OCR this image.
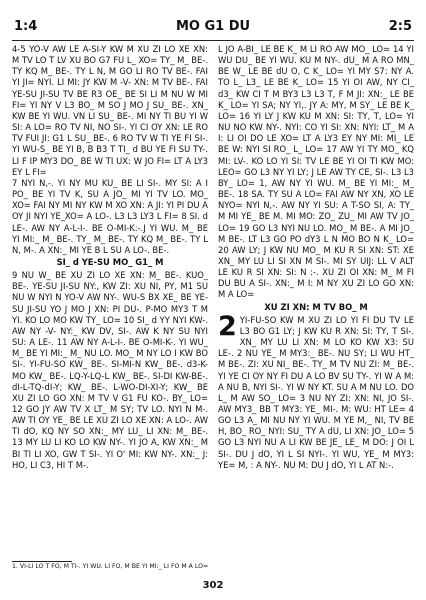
1:4	MO G1 DU	2:5

4-5 YO-V AW LE A-SI-Y KW M XU ZI LO XE XN: M TV LO T LV XU BO G7 FU L_ XO= TY_ M_ BE-. TY KQ M_ BE-. TY L N, M GO LI RO TV BE-. FAI YI JI= NYI. LI MI: JY KW M -V- XN: M TV BE-. FAI YE-SU JI-SU TV BE R3 OE_ BE SI LI M NU W MI FI= YI NY V L3 BO_ M SO J MO J SU_ BE-. XN_ KW BE YI WU. VN LI SU_ BE-. MI NY TI BU YI W SI: A LO= RO TV NI, NO SI-. YI CI OY XN: LE RO TV FUI JI: G1 L SU_ BE-. 6 RO TV W TI YE FI SI-. YI WU-S_ BE YI B, B B3 T TI_ d BU YE FI SU TY-. LI F IP MY3 DO_ BE W TI UX: W JO FI= LT A LY3 EY L FI=

7 NYI N,-. YI NY MU KU_ BE LI SI-. MY SI: A I PO_ BE YI TV K, SU A JO_ MI YI TV LO. MO_ XO= FAI NY MI NY KW M XO XN: A JI: YI PI DU A OY JI NYI YE_XO= A LO-. L3 L3 LY3 L FI= 8 SI. d LE-. AW NY A-L-I-. BE O-MI-K:-.J YI WU. M_ BE YI MI:_ M_ BE-. TY_ M_ BE-. TY KQ M_ BE-. TY L N, M-. A XN:_ MI YE B L SU A LO-. BE-.

SI_ d YE-SU MO_ G1_ M

9 NU W_ BE XU ZI LO XE XN: M_ BE-. KUO_ BE-. YE-SU JI-SU NY:, KW ZI: XU NI, PY, M1 SU NU W NYI N YO-V AW NY-. WU-S BX XE_ BE YE-SU JI-SU YO J MO J XN: PI DU-. P-MO MY3 T M YI. KO LO MO KW TY_ LO= 10 SI_ d YY NYI KW-. AW NY -V- NY:_ KW DV, SI-. AW K NY SU NYI SU: A LE-. 11 AW NY A-L-I-. BE O-MI-K-. YI WU_ M_ BE YI MI:_ M_ NU LO. MO_ M NY LO I KW BO SI-. YI-FU-SO KW_ BE-. SI-MI-N KW_ BE-. d3-K-MO KW_ BE-. LQ-Y-LQ-L KW_ BE-. SI-DI KW-BE-. dI-L-TQ-dI-Y; KW_ BE-. L-WO-DI-XI-Y; KW_ BE XU ZI LO GO XN: M TV V G1 FU KO-. BY_ LO= 12 GO JY AW TV X LT_ M SY; TV LO. NYI N M-. AW TI OY YE_ BE LE XU ZI LO XE XN: A LO-. AW TI dO, KQ NY SO XN:_ MY LU_ LI XN: M_ BE-. 13 MY LU LI KO LO KW NY-. YI JO A, KW XN:_ M BI TI LI XO, GW T SI-. YI O' MI: KW NY-. XN:_ J: HO, LI C3, HI T M-.

L JO A-BI_ LE BE K_ M LI RO AW MO_ LO= 14 YI WU DU_ BE YI WU. KU M NY-. dU_ M A RO MN_ BE W_ LE BE dU O, C K_ LO= YI MY S7: NY A. TO L_ L3_ LE BE K_ LO= 15 YI OI AW, NY CI_ d3_ KW CI T M BY3 L3 L3 T, F M JI: XN:_ LE BE K_ LO= YI SA; NY YI,. JY A: MY, M SY_ LE BE K_ LO= 16 YI LY J KW KU M XN: SI: TY, T, LO= YI NU NO KW NY-. NYI: CO YI SI: XN: NYI: LT_ M A I: LI OI DO LE XO= LT A LY3 EY NY MI: MI_ LE BE W: NYI SI RO_ L_ LO= 17 AW YI TY MO_ KQ MI: LV-. KO LO YI SI: TV LE BE YI OI TI KW MO: LEO= GO L3 NY YI LY; J LE AW TY CE, SI-. L3 L3 BY_ LO= 1, AW NY YI WU. M_ BE YI MI:_ M_ BE-. 18 SA. TY SU A LO= FAI AW NY XN, XO LE NYO= NYI N,-. AW NY YI SU: A T-SO SI, A: TY_ M MI YE_ BE M. MI MO: ZO_ ZU_ MI AW TV JO_ LO= 19 GO L3 NYI NU LO. MO_ M BE-. A MI JO_ M BE-. LT L3 GO PO dY3 L N MO BO N K_ LO= 20 AW LY; J KW NU MO_ M KU R SI XN: ST: XE XN_ MY LU LI SI XN M SI-. MI SY UIJ: LL V ALT LE KU R SI XN: SI: N :-. XU ZI OI XN: M_ M FI DU BU A SI-. XN:_ M I: M NY XU ZI LO GO XN: M A LO=

XU ZI XN: M TV BO_ M

2 YI-FU-SO KW M XU ZI LO YI FI DU TV LE L3 BO G1 LY; J KW KU R XN: SI: TY, T SI-. XN_ MY LU LI XN: M LO KO KW X3: SU LE-. 2 NU YE_ M MY3:_ BE-. NU SY; LI WU HT_ M BE-. ZI: XU NI_ BE-. TY_ M TV NU ZI: M_ BE-. YI YE CI OY NY FI DU A LO BV SU TY-. YI W A M: A NU B, NYI SI-. YI W NY KT. SU A M NU LO. DO L_ M AW SO_ LO= 3 NU NY ZI: XN: NI, JO SI-. AW MY3_ BB T MY3: YE_ MI-. M: WU: HT LE= 4 GO L3 A_ MI NU NY YI WU. M YE M,_ NI, TV BE H, BO_ RO_ NYI: SU_ TY A dU, LI XN: JO_ LO= 5 GO L3 NYI NU A LI KW BE JE_ LE_ M DO: J OI L SI-. DU J dO, YI L SI NYI-. YI WU, YE_ M MY3: YE= M, : A NY-. NU M: DU J dO, YI L AT N:-.

1. VI-LI LO T FO, M TI-. YI WU. LI FO, M BE YI MI:_ LI FO M A LO=
302
